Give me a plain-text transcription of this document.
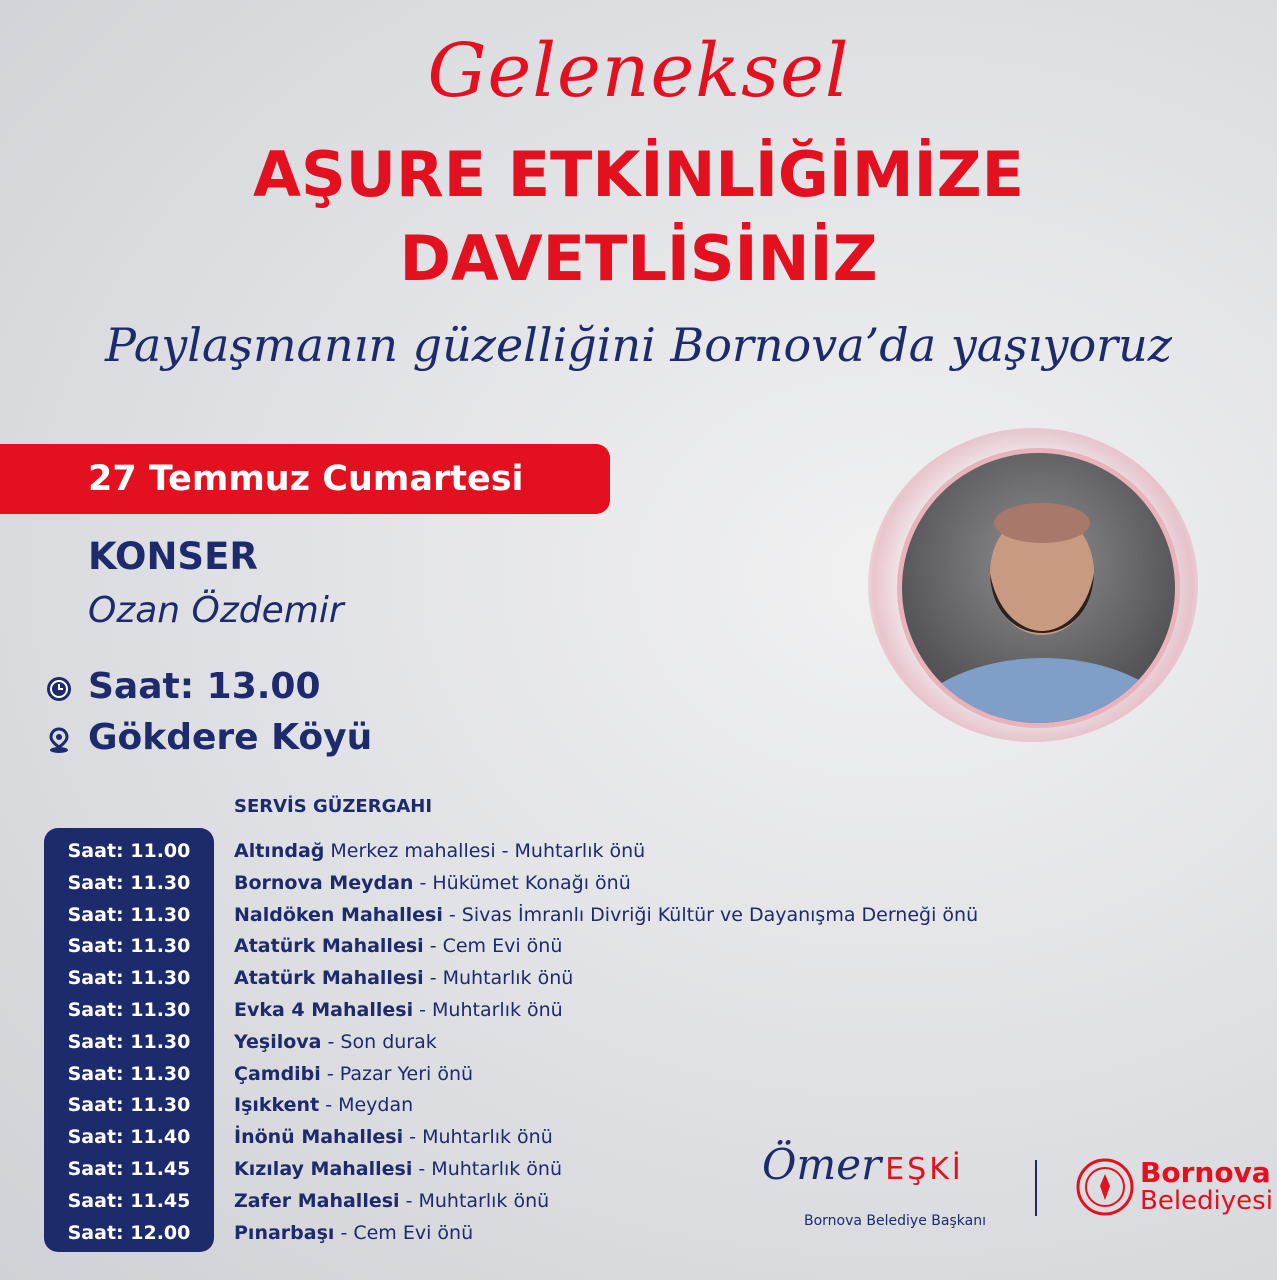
Geleneksel
AŞURE ETKİNLİĞİMİZE
DAVETLİSİNİZ
Paylaşmanın güzelliğini Bornova’da yaşıyoruz
27 Temmuz Cumartesi
KONSER
Ozan Özdemir
Saat: 13.00
Gökdere Köyü
SERVİS GÜZERGAHI
Saat: 11.00
Saat: 11.30
Saat: 11.30
Saat: 11.30
Saat: 11.30
Saat: 11.30
Saat: 11.30
Saat: 11.30
Saat: 11.30
Saat: 11.40
Saat: 11.45
Saat: 11.45
Saat: 12.00
Altındağ Merkez mahallesi - Muhtarlık önü
Bornova Meydan - Hükümet Konağı önü
Naldöken Mahallesi - Sivas İmranlı Divriği Kültür ve Dayanışma Derneği önü
Atatürk Mahallesi - Cem Evi önü
Atatürk Mahallesi - Muhtarlık önü
Evka 4 Mahallesi - Muhtarlık önü
Yeşilova - Son durak
Çamdibi - Pazar Yeri önü
Işıkkent - Meydan
İnönü Mahallesi - Muhtarlık önü
Kızılay Mahallesi - Muhtarlık önü
Zafer Mahallesi - Muhtarlık önü
Pınarbaşı - Cem Evi önü
Ömer EŞKİ
Bornova Belediye Başkanı
Bornova
Belediyesi
